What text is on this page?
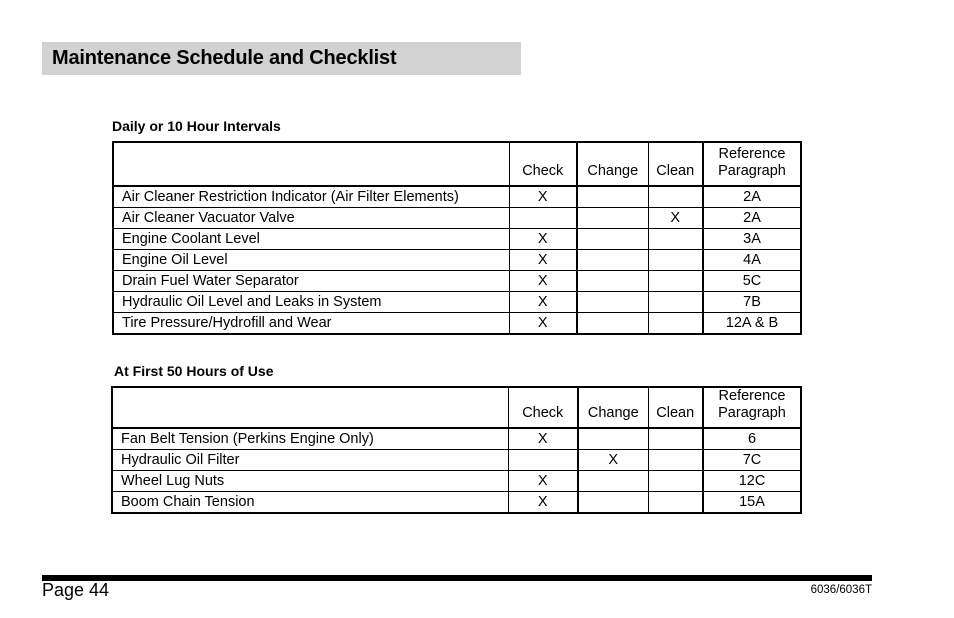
Maintenance Schedule and Checklist
Daily or 10 Hour Intervals
	Check	Change	Clean	Reference
Paragraph
Air Cleaner Restriction Indicator (Air Filter Elements)	X			2A
Air Cleaner Vacuator Valve			X	2A
Engine Coolant Level	X			3A
Engine Oil Level	X			4A
Drain Fuel Water Separator	X			5C
Hydraulic Oil Level and Leaks in System	X			7B
Tire Pressure/Hydrofill and Wear	X			12A & B
At First 50 Hours of Use
	Check	Change	Clean	Reference
Paragraph
Fan Belt Tension (Perkins Engine Only)	X			6
Hydraulic Oil Filter		X		7C
Wheel Lug Nuts	X			12C
Boom Chain Tension	X			15A
Page 44	6036/6036T
